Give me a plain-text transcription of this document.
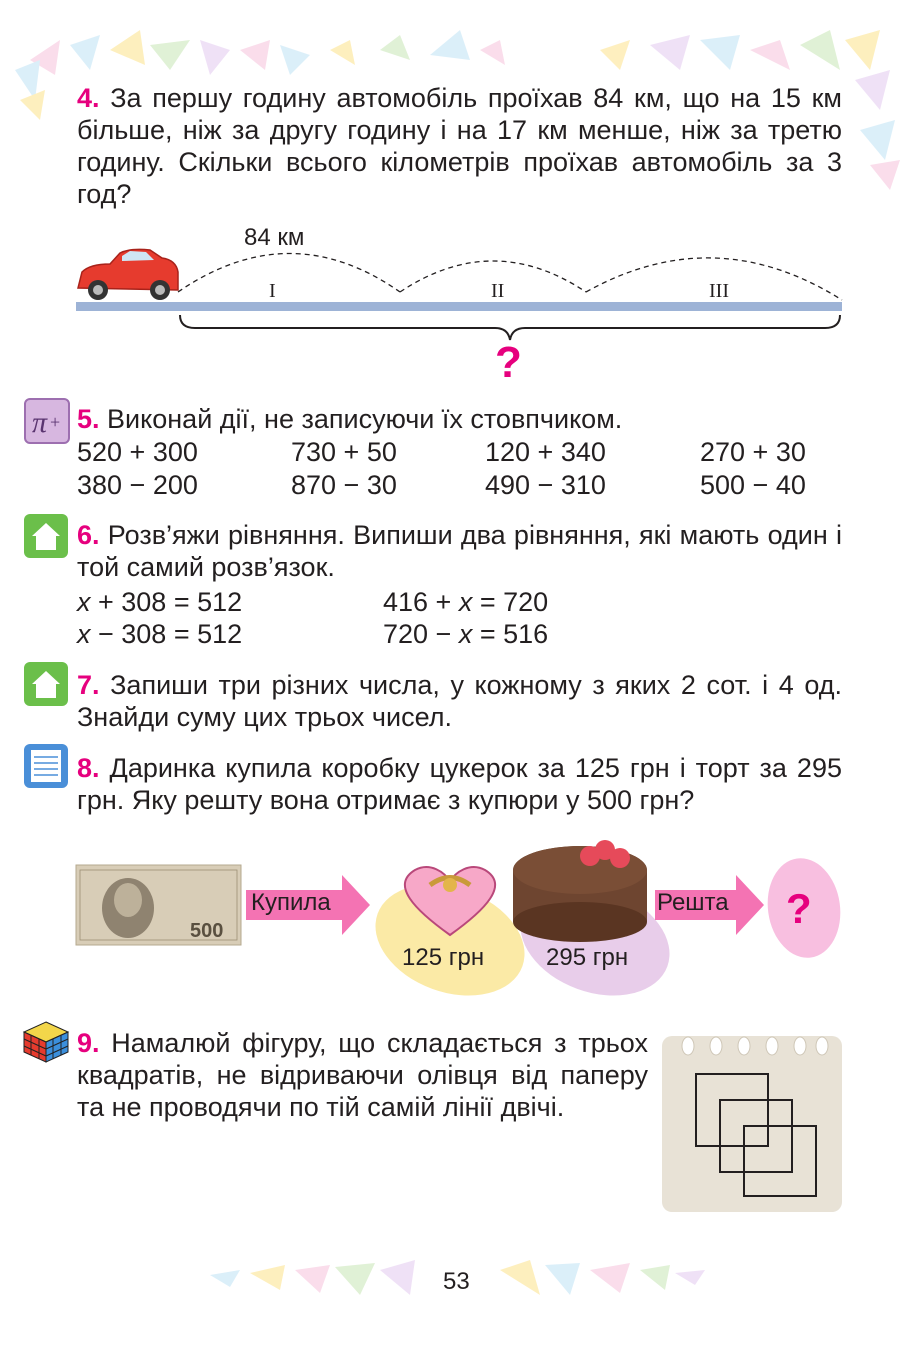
4. За першу годину автомобіль проїхав 84 км, що на 15 км більше, ніж за другу годину і на 17 км менше, ніж за третю годину. Скільки всього кілометрів проїхав автомобіль за 3 год?
84 км
I	II	III
?
π + 5. Виконай дії, не записуючи їх стовпчиком.
520 + 300	730 + 50	120 + 340	270 + 30
380 − 200	870 − 30	490 − 310	500 − 40
6. Розв’яжи рівняння. Випиши два рівняння, які мають один і той самий розв’язок.
x + 308 = 512	416 + x = 720
x − 308 = 512	720 − x = 516
7. Запиши три різних числа, у кожному з яких 2 сот. і 4 од. Знайди суму цих трьох чисел.
8. Даринка купила коробку цукерок за 125 грн і торт за 295 грн. Яку решту вона отримає з купюри у 500 грн?
500
Купила
125 грн	295 грн
Решта ?
9. Намалюй фігуру, що складається з трьох квадратів, не відриваючи олівця від паперу та не проводячи по тій самій лінії двічі.
53
